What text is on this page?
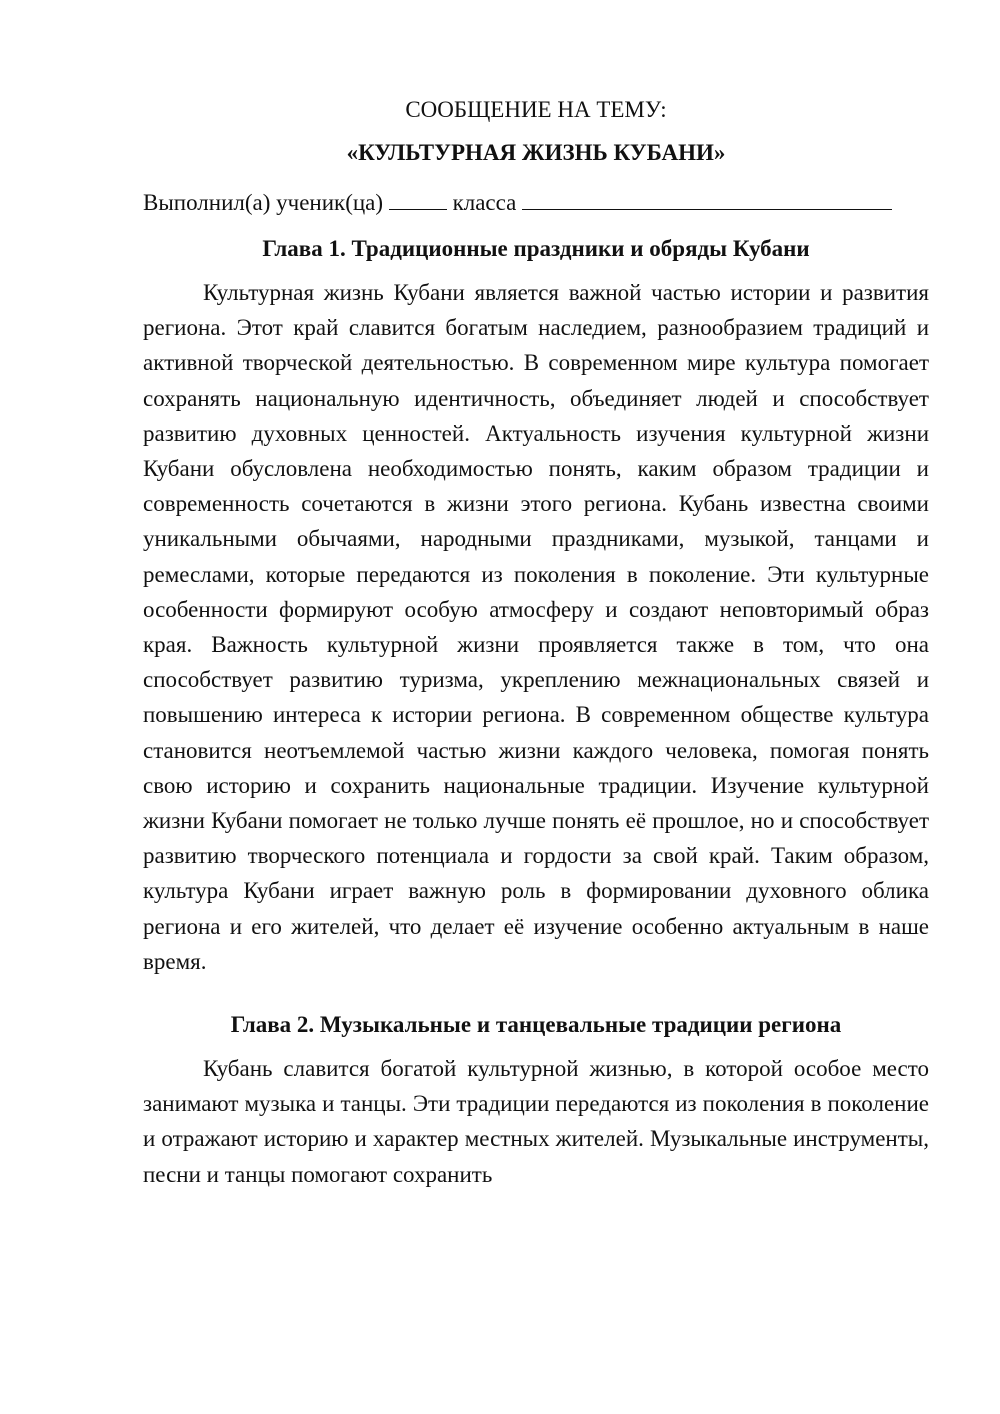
СООБЩЕНИЕ НА ТЕМУ:

«КУЛЬТУРНАЯ ЖИЗНЬ КУБАНИ»

Выполнил(а) ученик(ца)	класса

Глава 1. Традиционные праздники и обряды Кубани

Культурная жизнь Кубани является важной частью истории и развития региона. Этот край славится богатым наследием, разнообразием традиций и активной творческой деятельностью. В современном мире культура помогает сохранять национальную идентичность, объединяет людей и способствует развитию духовных ценностей. Актуальность изучения культурной жизни Кубани обусловлена необходимостью понять, каким образом традиции и современность сочетаются в жизни этого региона. Кубань известна своими уникальными обычаями, народными праздниками, музыкой, танцами и ремеслами, которые передаются из поколения в поколение. Эти культурные особенности формируют особую атмосферу и создают неповторимый образ края. Важность культурной жизни проявляется также в том, что она способствует развитию туризма, укреплению межнациональных связей и повышению интереса к истории региона. В современном обществе культура становится неотъемлемой частью жизни каждого человека, помогая понять свою историю и сохранить национальные традиции. Изучение культурной жизни Кубани помогает не только лучше понять её прошлое, но и способствует развитию творческого потенциала и гордости за свой край. Таким образом, культура Кубани играет важную роль в формировании духовного облика региона и его жителей, что делает её изучение особенно актуальным в наше время.

Глава 2. Музыкальные и танцевальные традиции региона

Кубань славится богатой культурной жизнью, в которой особое место занимают музыка и танцы. Эти традиции передаются из поколения в поколение и отражают историю и характер местных жителей. Музыкальные инструменты, песни и танцы помогают сохранить
